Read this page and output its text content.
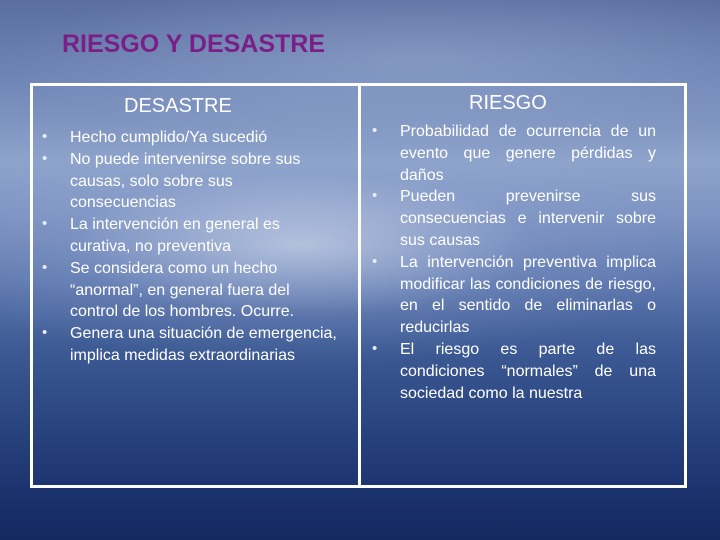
RIESGO Y DESASTRE
DESASTRE	RIESGO
• Hecho cumplido/Ya sucedió
• No puede intervenirse sobre sus causas, solo sobre sus consecuencias
• La intervención en general es curativa, no preventiva
• Se considera como un hecho “anormal”, en general fuera del control de los hombres. Ocurre.
• Genera una situación de emergencia, implica medidas extraordinarias
• Probabilidad de ocurrencia de un evento que genere pérdidas y daños
• Pueden prevenirse sus consecuencias e intervenir sobre sus causas
• La intervención preventiva implica modificar las condiciones de riesgo, en el sentido de eliminarlas o reducirlas
• El riesgo es parte de las condiciones “normales” de una sociedad como la nuestra
